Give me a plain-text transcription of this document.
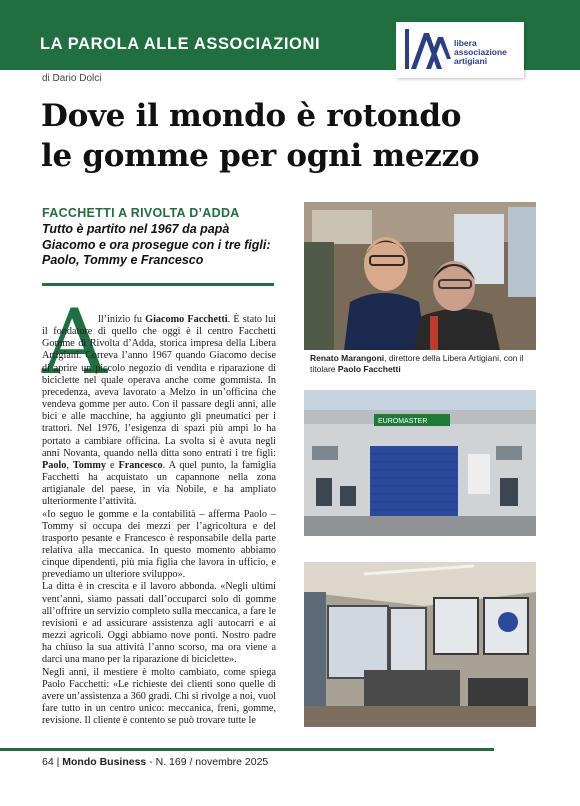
LA PAROLA ALLE ASSOCIAZIONI	libera
associazione
artigiani
di Dario Dolci
Dove il mondo è rotondo
le gomme per ogni mezzo
FACCHETTI A RIVOLTA D’ADDA
Tutto è partito nel 1967 da papà Giacomo e ora prosegue con i tre figli: Paolo, Tommy e Francesco
A

ll’inizio fu Giacomo Facchetti. È stato lui il fondatore di quello che oggi è il centro Facchetti Gomme di Rivolta d’Adda, storica impresa della Libera Artigiani. Correva l’anno 1967 quando Giacomo decise di aprire un piccolo negozio di vendita e riparazione di biciclette nel quale operava anche come gommista. In precedenza, aveva lavorato a Melzo in un’officina che vendeva gomme per auto. Con il passare degli anni, alle bici e alle macchine, ha aggiunto gli pneumatici per i trattori. Nel 1976, l’esigenza di spazi più ampi lo ha portato a cambiare officina. La svolta si è avuta negli anni Novanta, quando nella ditta sono entrati i tre figli: Paolo, Tommy e Francesco. A quel punto, la famiglia Facchetti ha acquistato un capannone nella zona artigianale del paese, in via Nobile, e ha ampliato ulteriormente l’attività.

«Io seguo le gomme e la contabilità – afferma Paolo – Tommy si occupa dei mezzi per l’agricoltura e del trasporto pesante e Francesco è responsabile della parte relativa alla meccanica. In questo momento abbiamo cinque dipendenti, più mia figlia che lavora in ufficio, e prevediamo un ulteriore sviluppo».

La ditta è in crescita e il lavoro abbonda. «Negli ultimi vent’anni, siamo passati dall’occuparci solo di gomme all’offrire un servizio completo sulla meccanica, a fare le revisioni e ad assicurare assistenza agli autocarri e ai mezzi agricoli. Oggi abbiamo nove ponti. Nostro padre ha chiuso la sua attività l’anno scorso, ma ora viene a darci una mano per la riparazione di biciclette».

Negli anni, il mestiere è molto cambiato, come spiega Paolo Facchetti: «Le richieste dei clienti sono quelle di avere un’assistenza a 360 gradi. Chi si rivolge a noi, vuol fare tutto in un centro unico: meccanica, freni, gomme, revisione. Il cliente è contento se può trovare tutte le

Renato Marangoni, direttore della Libera Artigiani, con il titolare Paolo Facchetti
EUROMASTER
64 | Mondo Business - N. 169 / novembre 2025
